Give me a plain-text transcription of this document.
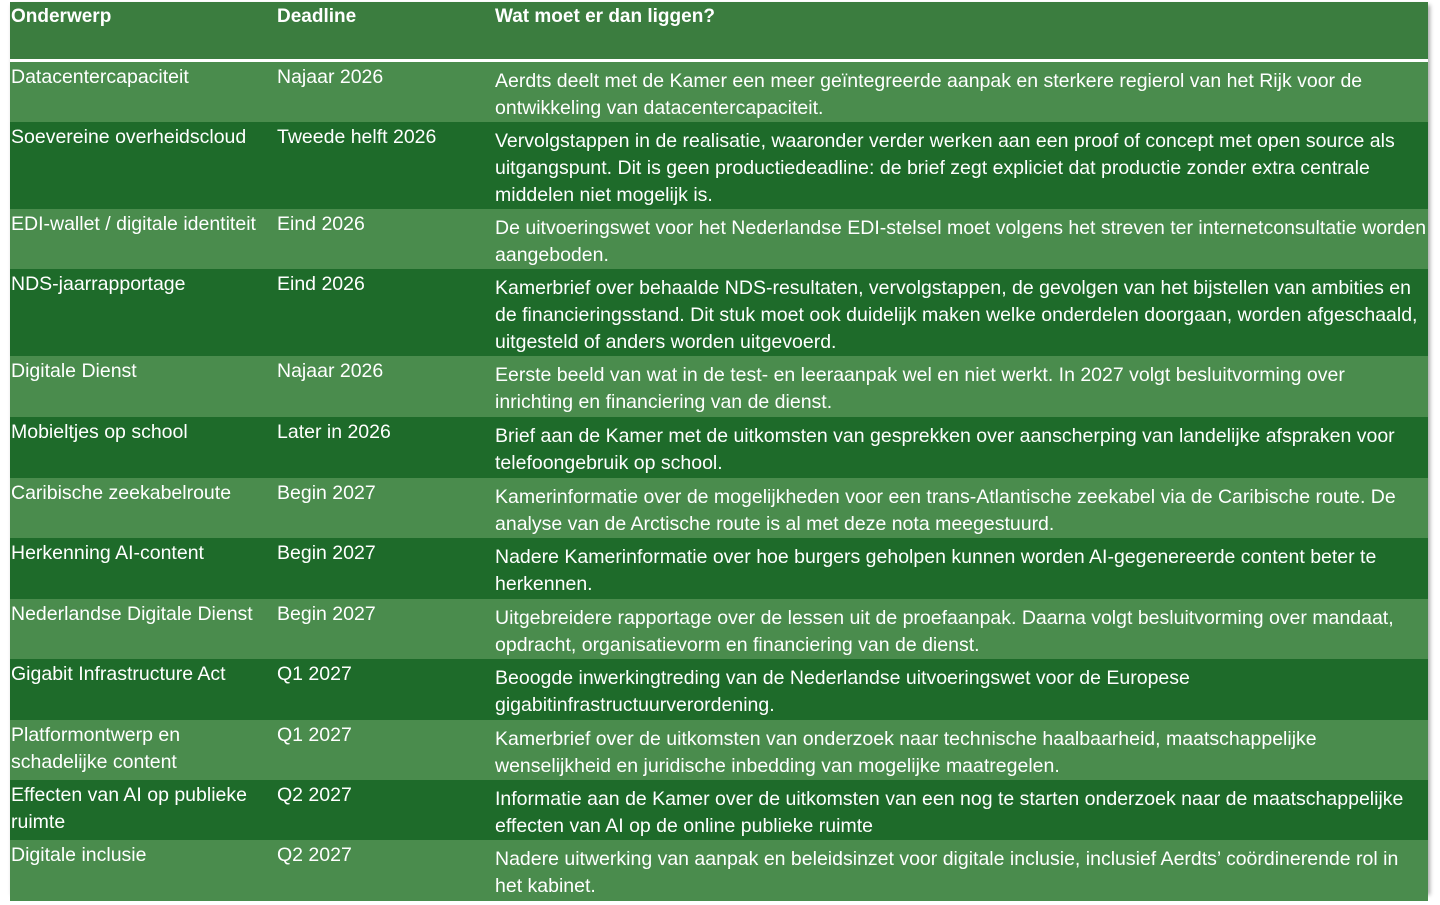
Onderwerp	Deadline	Wat moet er dan liggen?
Datacentercapaciteit	Najaar 2026	Aerdts deelt met de Kamer een meer geïntegreerde aanpak en sterkere regierol van het Rijk voor de ontwikkeling van datacentercapaciteit.
Soevereine overheidscloud	Tweede helft 2026	Vervolgstappen in de realisatie, waaronder verder werken aan een proof of concept met open source als uitgangspunt. Dit is geen productiedeadline: de brief zegt expliciet dat productie zonder extra centrale middelen niet mogelijk is.
EDI-wallet / digitale identiteit	Eind 2026	De uitvoeringswet voor het Nederlandse EDI-stelsel moet volgens het streven ter internetconsultatie worden aangeboden.
NDS-jaarrapportage	Eind 2026	Kamerbrief over behaalde NDS-resultaten, vervolgstappen, de gevolgen van het bijstellen van ambities en de financieringsstand. Dit stuk moet ook duidelijk maken welke onderdelen doorgaan, worden afgeschaald, uitgesteld of anders worden uitgevoerd.
Digitale Dienst	Najaar 2026	Eerste beeld van wat in de test- en leeraanpak wel en niet werkt. In 2027 volgt besluitvorming over inrichting en financiering van de dienst.
Mobieltjes op school	Later in 2026	Brief aan de Kamer met de uitkomsten van gesprekken over aanscherping van landelijke afspraken voor telefoongebruik op school.
Caribische zeekabelroute	Begin 2027	Kamerinformatie over de mogelijkheden voor een trans-Atlantische zeekabel via de Caribische route. De analyse van de Arctische route is al met deze nota meegestuurd.
Herkenning AI-content	Begin 2027	Nadere Kamerinformatie over hoe burgers geholpen kunnen worden AI-gegenereerde content beter te herkennen.
Nederlandse Digitale Dienst	Begin 2027	Uitgebreidere rapportage over de lessen uit de proefaanpak. Daarna volgt besluitvorming over mandaat, opdracht, organisatievorm en financiering van de dienst.
Gigabit Infrastructure Act	Q1 2027	Beoogde inwerkingtreding van de Nederlandse uitvoeringswet voor de Europese gigabitinfrastructuurverordening.
Platformontwerp en schadelijke content	Q1 2027	Kamerbrief over de uitkomsten van onderzoek naar technische haalbaarheid, maatschappelijke wenselijkheid en juridische inbedding van mogelijke maatregelen.
Effecten van AI op publieke ruimte	Q2 2027	Informatie aan de Kamer over de uitkomsten van een nog te starten onderzoek naar de maatschappelijke effecten van AI op de online publieke ruimte
Digitale inclusie	Q2 2027	Nadere uitwerking van aanpak en beleidsinzet voor digitale inclusie, inclusief Aerdts’ coördinerende rol in het kabinet.
